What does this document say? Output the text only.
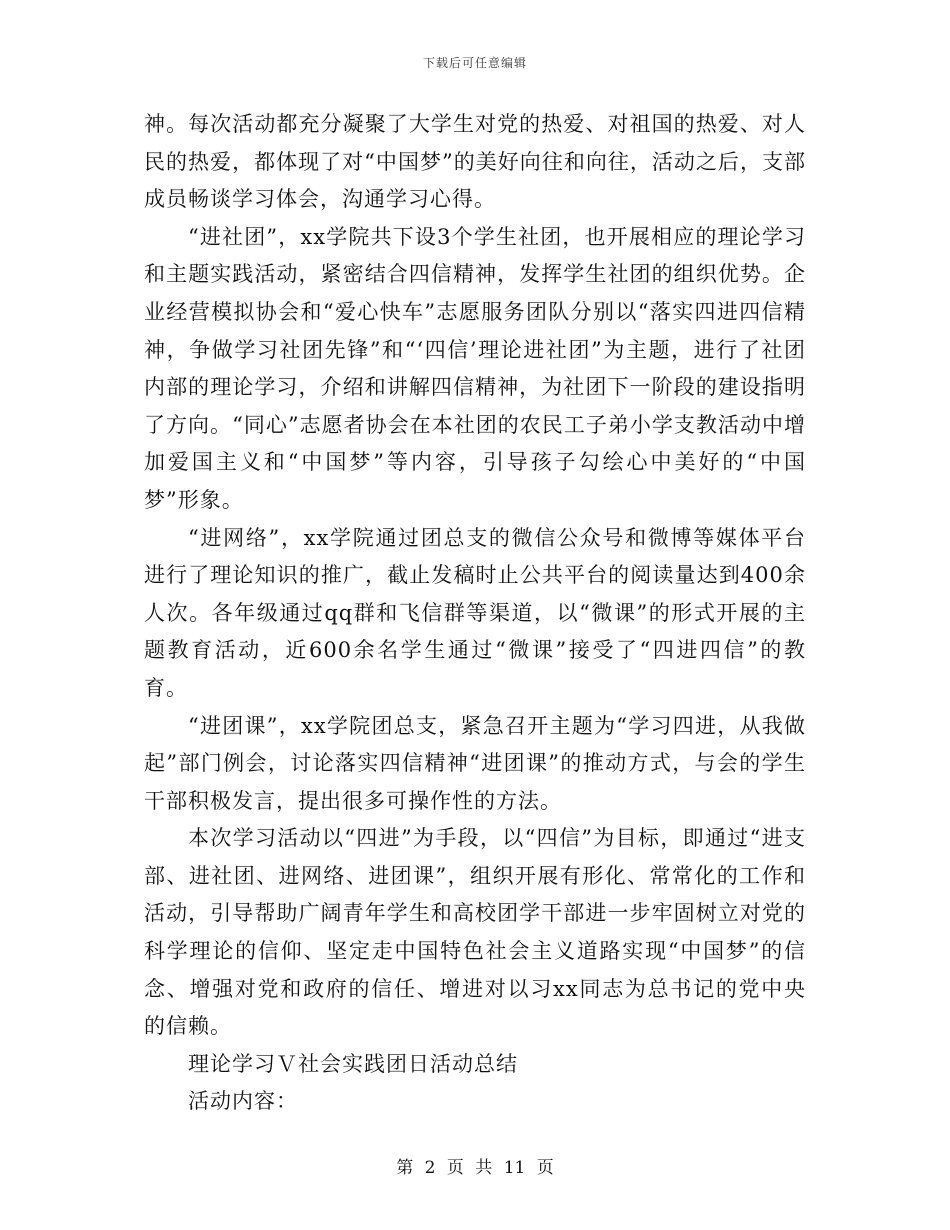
下载后可任意编辑

神。每次活动都充分凝聚了大学生对党的热爱、对祖国的热爱、对人民的热爱，都体现了对“中国梦”的美好向往和向往，活动之后，支部成员畅谈学习体会，沟通学习心得。

“进社团”，xx学院共下设3个学生社团，也开展相应的理论学习和主题实践活动，紧密结合四信精神，发挥学生社团的组织优势。企业经营模拟协会和“爱心快车”志愿服务团队分别以“落实四进四信精神，争做学习社团先锋”和“‘四信’理论进社团”为主题，进行了社团内部的理论学习，介绍和讲解四信精神，为社团下一阶段的建设指明了方向。“同心”志愿者协会在本社团的农民工子弟小学支教活动中增加爱国主义和“中国梦”等内容，引导孩子勾绘心中美好的“中国梦”形象。

“进网络”，xx学院通过团总支的微信公众号和微博等媒体平台进行了理论知识的推广，截止发稿时止公共平台的阅读量达到400余人次。各年级通过qq群和飞信群等渠道，以“微课”的形式开展的主题教育活动，近600余名学生通过“微课”接受了“四进四信”的教育。

“进团课”，xx学院团总支，紧急召开主题为“学习四进，从我做起”部门例会，讨论落实四信精神“进团课”的推动方式，与会的学生干部积极发言，提出很多可操作性的方法。

本次学习活动以“四进”为手段，以“四信”为目标，即通过“进支部、进社团、进网络、进团课”，组织开展有形化、常常化的工作和活动，引导帮助广阔青年学生和高校团学干部进一步牢固树立对党的科学理论的信仰、坚定走中国特色社会主义道路实现“中国梦”的信念、增强对党和政府的信任、增进对以习xx同志为总书记的党中央的信赖。

理论学习Ｖ社会实践团日活动总结

活动内容：

第 2 页 共 11 页
